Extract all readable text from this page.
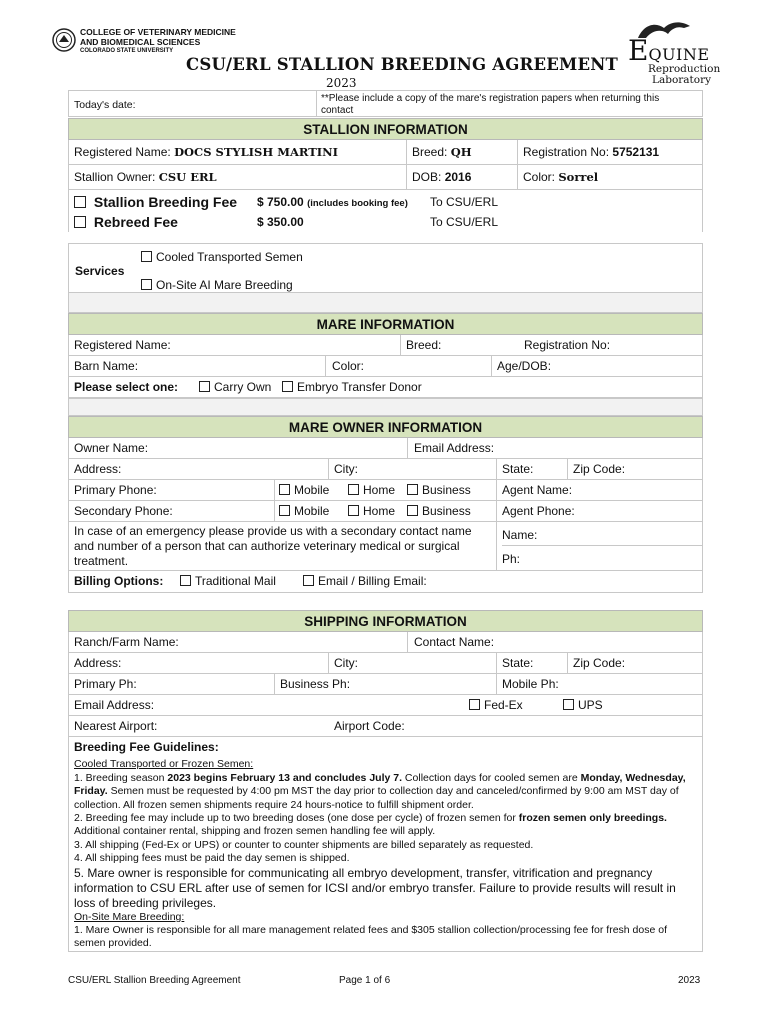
COLLEGE OF VETERINARY MEDICINE
AND BIOMEDICAL SCIENCES
COLORADO STATE UNIVERSITY
CSU/ERL STALLION BREEDING AGREEMENT
2023
EQUINE
Reproduction
Laboratory
Today's date:
**Please include a copy of the mare's registration papers when returning this contact
STALLION INFORMATION
Registered Name: DOCS STYLISH MARTINI	Breed: QH	Registration No: 5752131
Stallion Owner: CSU ERL	DOB: 2016	Color: Sorrel
Stallion Breeding Fee $ 750.00 (includes booking fee) To CSU/ERL
Rebreed Fee	$ 350.00	To CSU/ERL
Services
Cooled Transported Semen
On-Site AI Mare Breeding
MARE INFORMATION
Registered Name:	Breed:	Registration No:
Barn Name:	Color:	Age/DOB:
Please select one:	Carry Own	Embryo Transfer Donor
MARE OWNER INFORMATION
Owner Name:	Email Address:
Address:	City:	State:	Zip Code:
Primary Phone:	Mobile	Home	Business	Agent Name:
Secondary Phone:	Mobile	Home	Business	Agent Phone:
In case of an emergency please provide us with a secondary contact name and number of a person that can authorize veterinary medical or surgical treatment.
Name:
Ph:
Billing Options:	Traditional Mail	Email / Billing Email:
SHIPPING INFORMATION
Ranch/Farm Name:	Contact Name:
Address:	City:	State:	Zip Code:
Primary Ph:	Business Ph:	Mobile Ph:
Email Address:	Fed-Ex	UPS
Nearest Airport:	Airport Code:

Breeding Fee Guidelines:

Cooled Transported or Frozen Semen:

1. Breeding season 2023 begins February 13 and concludes July 7. Collection days for cooled semen are Monday, Wednesday, Friday. Semen must be requested by 4:00 pm MST the day prior to collection day and canceled/confirmed by 9:00 am MST day of collection. All frozen semen shipments require 24 hours-notice to fulfill shipment order.

2. Breeding fee may include up to two breeding doses (one dose per cycle) of frozen semen for frozen semen only breedings. Additional container rental, shipping and frozen semen handling fee will apply.

3. All shipping (Fed-Ex or UPS) or counter to counter shipments are billed separately as requested.

4. All shipping fees must be paid the day semen is shipped.

5. Mare owner is responsible for communicating all embryo development, transfer, vitrification and pregnancy information to CSU ERL after use of semen for ICSI and/or embryo transfer. Failure to provide results will result in loss of breeding privileges.

On-Site Mare Breeding:

1. Mare Owner is responsible for all mare management related fees and $305 stallion collection/processing fee for fresh dose of semen provided.

CSU/ERL Stallion Breeding Agreement	Page 1 of 6	2023
